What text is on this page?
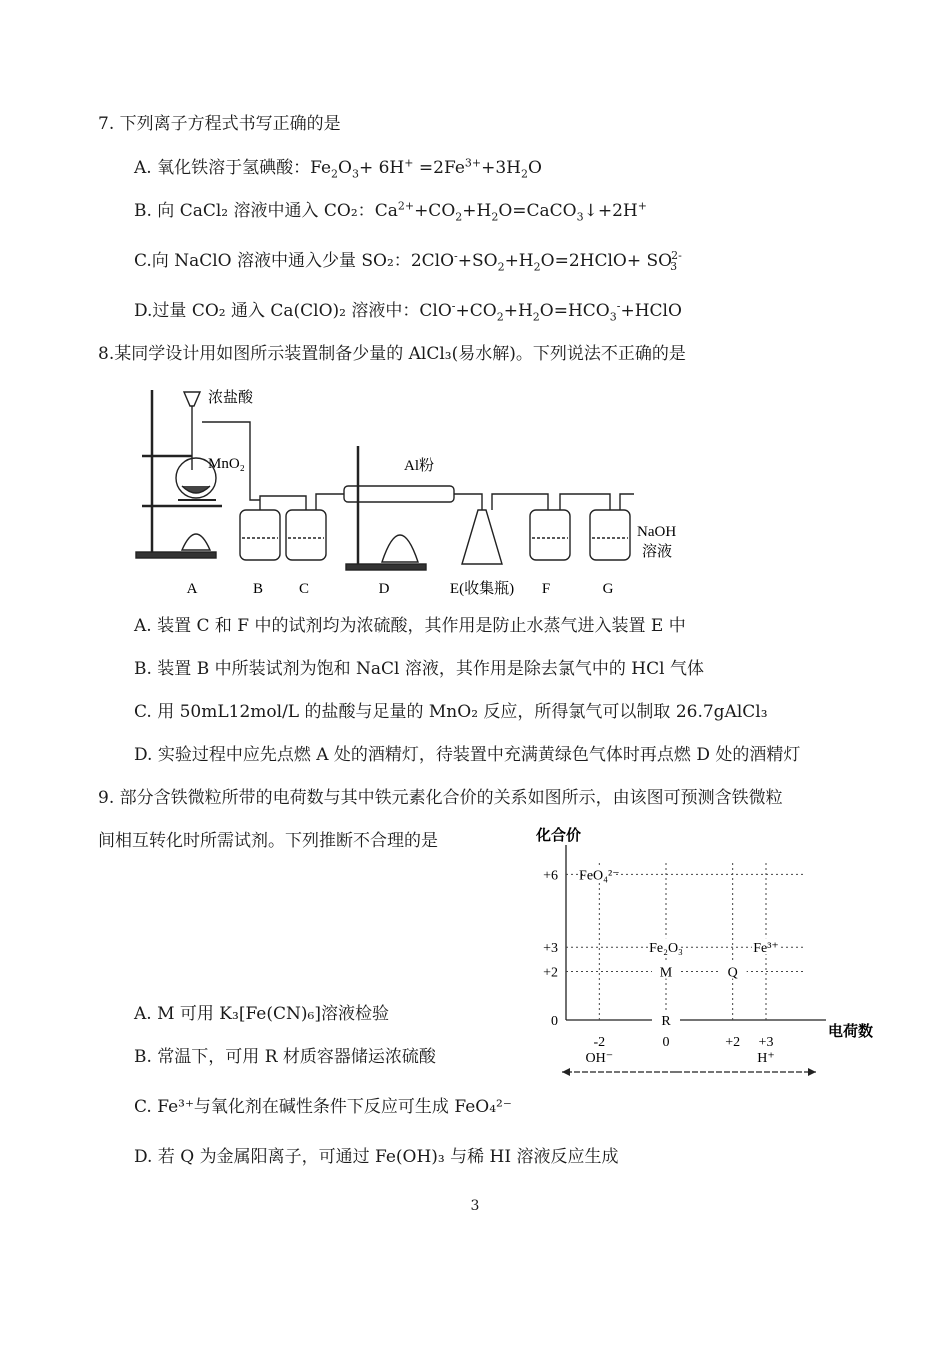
7. 下列离子方程式书写正确的是
A. 氧化铁溶于氢碘酸：$Fe_2O_3+ 6H^+ =2Fe^{3+}+3H_2O$
B. 向 CaCl₂ 溶液中通入 CO₂：$Ca^{2+}+CO_2+H_2O=CaCO_3↓+2H^+$
C.向 NaClO 溶液中通入少量 SO₂：$2ClO^-+SO_2+H_2O=2HClO+ SO_3^{2-}$
D.过量 CO₂ 通入 Ca(ClO)₂ 溶液中：$ClO^-+CO_2+H_2O=HCO_3^-+HClO$
8.某同学设计用如图所示装置制备少量的 AlCl₃(易水解)。下列说法不正确的是
浓盐酸
MnO₂	Al粉
NaOH
溶液
A	B C	D	E(收集瓶) F	G
A. 装置 C 和 F 中的试剂均为浓硫酸，其作用是防止水蒸气进入装置 E 中
B. 装置 B 中所装试剂为饱和 NaCl 溶液，其作用是除去氯气中的 HCl 气体
C. 用 50mL12mol/L 的盐酸与足量的 MnO₂ 反应，所得氯气可以制取 26.7gAlCl₃
D. 实验过程中应先点燃 A 处的酒精灯，待装置中充满黄绿色气体时再点燃 D 处的酒精灯
9. 部分含铁微粒所带的电荷数与其中铁元素化合价的关系如图所示，由该图可预测含铁微粒
间相互转化时所需试剂。下列推断不合理的是	化合价
电荷数
0
+2
+3
+6
-2	0	+2 +3
FeO₄²⁻
Fe₂O₃	Fe³⁺
M	Q
R
OH⁻	H⁺
A. M 可用 K₃[Fe(CN)₆]溶液检验
B. 常温下，可用 R 材质容器储运浓硫酸
C. Fe³⁺与氧化剂在碱性条件下反应可生成 FeO₄²⁻
D. 若 Q 为金属阳离子，可通过 Fe(OH)₃ 与稀 HI 溶液反应生成
3
